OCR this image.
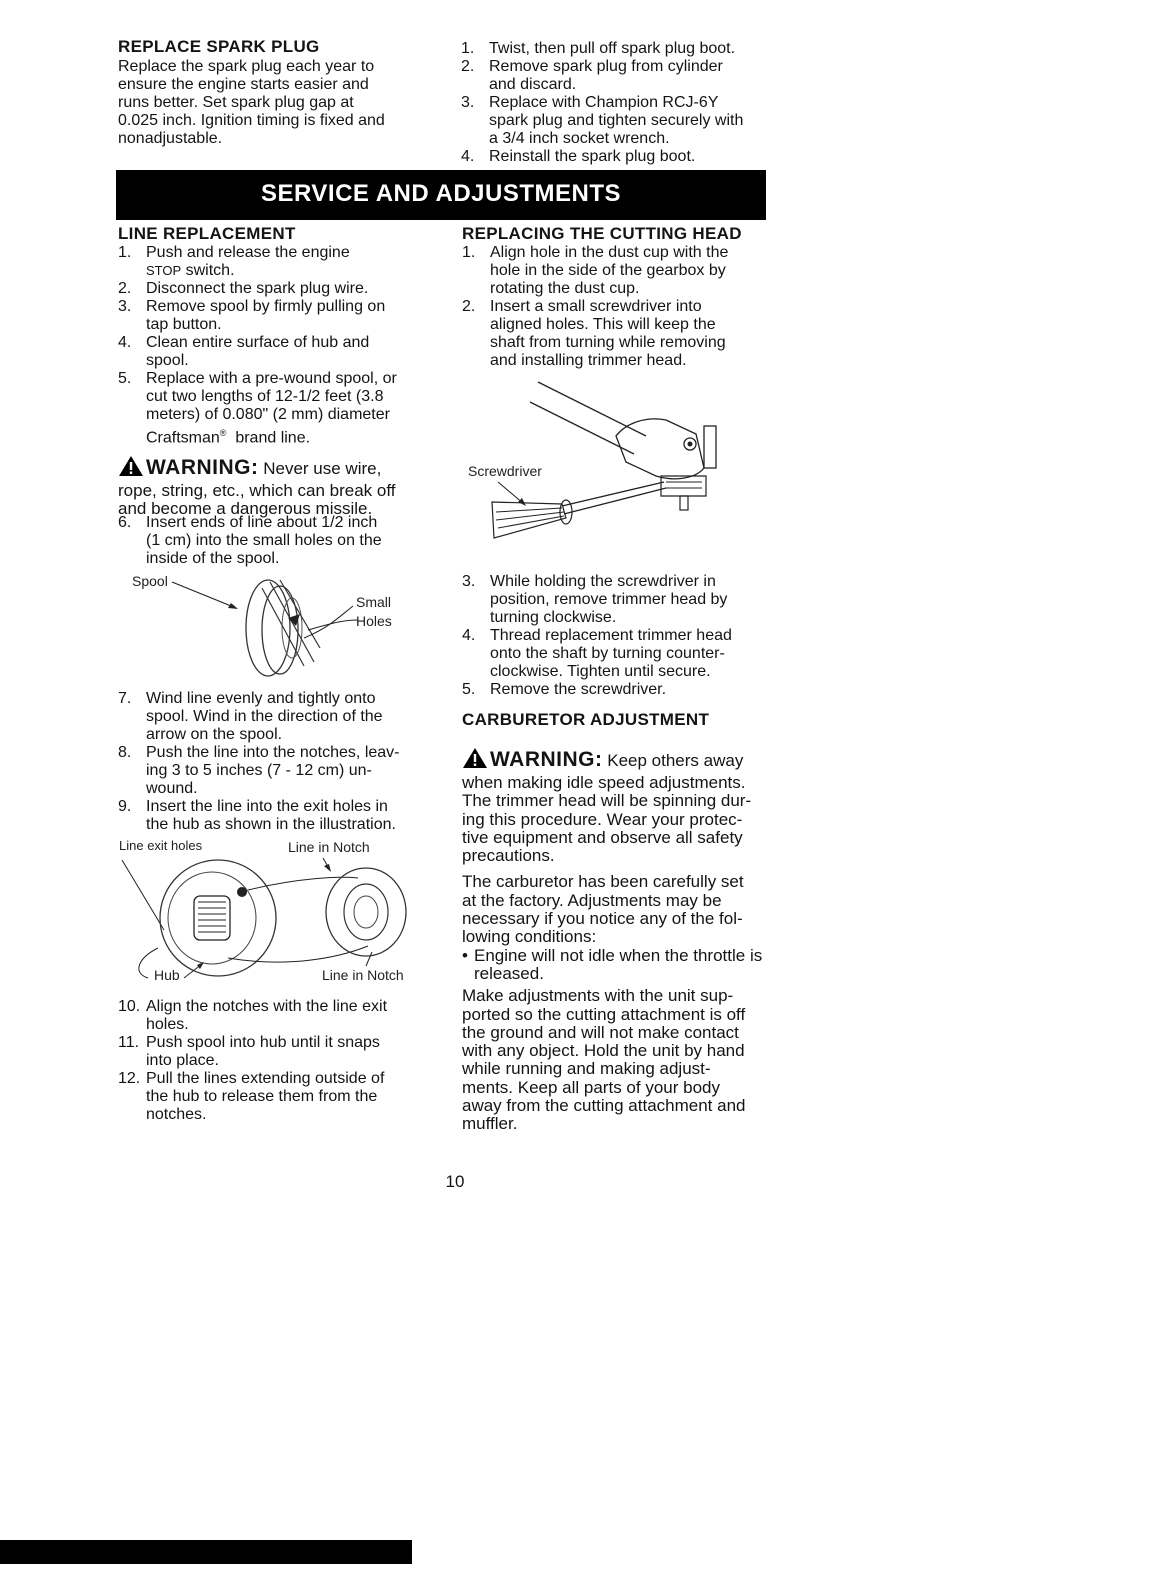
REPLACE SPARK PLUG
Replace the spark plug each year to
ensure the engine starts easier and
runs better. Set spark plug gap at
0.025 inch. Ignition timing is fixed and
nonadjustable.
1. Twist, then pull off spark plug boot.
2. Remove spark plug from cylinder
and discard.
3. Replace with Champion RCJ-6Y
spark plug and tighten securely with
a 3/4 inch socket wrench.
4. Reinstall the spark plug boot.
SERVICE AND ADJUSTMENTS
LINE REPLACEMENT
1. Push and release the engine
STOP switch.
2. Disconnect the spark plug wire.
3. Remove spool by firmly pulling on
tap button.
4. Clean entire surface of hub and
spool.
5. Replace with a pre-wound spool, or
cut two lengths of 12-1/2 feet (3.8
meters) of 0.080" (2 mm) diameter
Craftsman®  brand line.
WARNING: Never use wire,
rope, string, etc., which can break off
and become a dangerous missile.
6. Insert ends of line about 1/2 inch
(1 cm) into the small holes on the
inside of the spool.
Spool
Small
Holes
7. Wind line evenly and tightly onto
spool. Wind in the direction of the
arrow on the spool.
8. Push the line into the notches, leav-
ing 3 to 5 inches (7 - 12 cm) un-
wound.
9. Insert the line into the exit holes in
the hub as shown in the illustration.
Line exit holes	Line in Notch
Hub	Line in Notch
10. Align the notches with the line exit
holes.
11. Push spool into hub until it snaps
into place.
12. Pull the lines extending outside of
the hub to release them from the
notches.
REPLACING THE CUTTING HEAD
1. Align hole in the dust cup with the
hole in the side of the gearbox by
rotating the dust cup.
2. Insert a small screwdriver into
aligned holes. This will keep the
shaft from turning while removing
and installing trimmer head.
Screwdriver
3. While holding the screwdriver in
position, remove trimmer head by
turning clockwise.
4. Thread replacement trimmer head
onto the shaft by turning counter-
clockwise. Tighten until secure.
5. Remove the screwdriver.
CARBURETOR ADJUSTMENT
WARNING: Keep others away
when making idle speed adjustments.
The trimmer head will be spinning dur-
ing this procedure. Wear your protec-
tive equipment and observe all safety
precautions.
The carburetor has been carefully set
at the factory. Adjustments may be
necessary if you notice any of the fol-
lowing conditions:
• Engine will not idle when the throttle is
released.
Make adjustments with the unit sup-
ported so the cutting attachment is off
the ground and will not make contact
with any object. Hold the unit by hand
while running and making adjust-
ments. Keep all parts of your body
away from the cutting attachment and
muffler.
10
